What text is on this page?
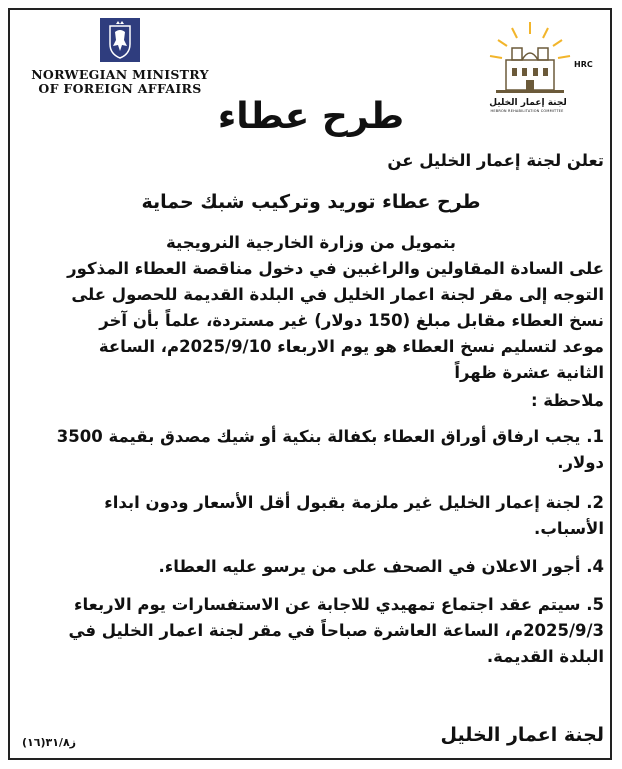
NORWEGIAN MINISTRY
OF FOREIGN AFFAIRS
HRC
لجنة إعمار الخليل
HEBRON REHABILITATION COMMITTEE
طرح عطاء
تعلن لجنة إعمار الخليل عن
طرح عطاء توريد وتركيب شبك حماية
بتمويل من وزارة الخارجية النرويجية
على السادة المقاولين والراغبين في دخول مناقصة العطاء المذكور
التوجه إلى مقر لجنة اعمار الخليل في البلدة القديمة للحصول على
نسخ العطاء مقابل مبلغ (150 دولار) غير مستردة، علماً بأن آخر
موعد لتسليم نسخ العطاء هو يوم الاربعاء 2025/9/10م، الساعة
الثانية عشرة ظهراً
ملاحظة :
1. يجب ارفاق أوراق العطاء بكفالة بنكية أو شيك مصدق بقيمة 3500
دولار.
2. لجنة إعمار الخليل غير ملزمة بقبول أقل الأسعار ودون ابداء
الأسباب.
4. أجور الاعلان في الصحف على من يرسو عليه العطاء.
5. سيتم عقد اجتماع تمهيدي للاجابة عن الاستفسارات يوم الاربعاء
2025/9/3م، الساعة العاشرة صباحاً في مقر لجنة اعمار الخليل في
البلدة القديمة.
لجنة اعمار الخليل
ز٣١/٨(١٦)
